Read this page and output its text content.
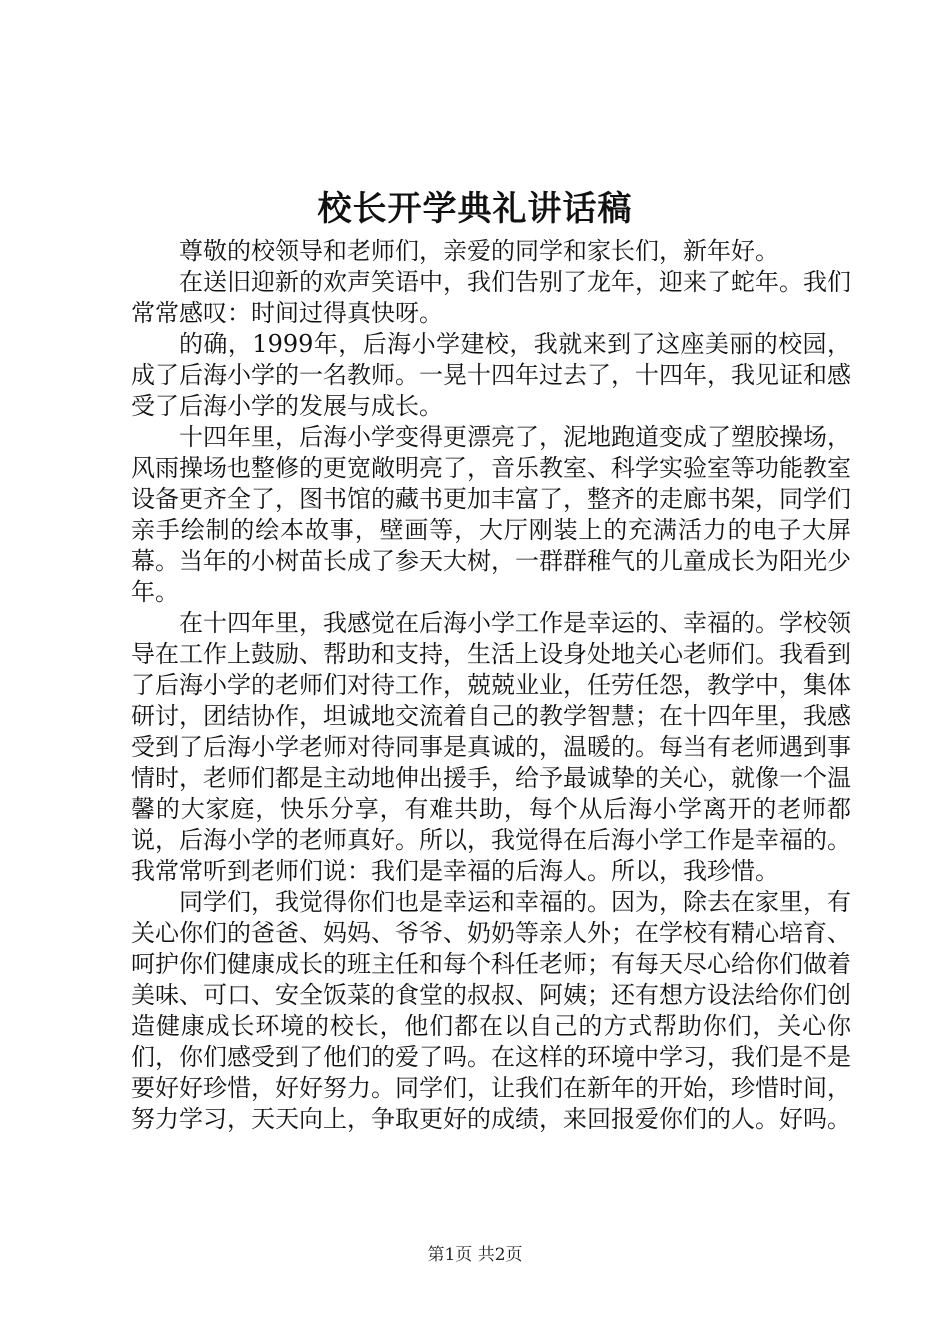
校长开学典礼讲话稿

尊敬的校领导和老师们，亲爱的同学和家长们，新年好。

在送旧迎新的欢声笑语中，我们告别了龙年，迎来了蛇年。我们常常感叹：时间过得真快呀。

的确，1999年，后海小学建校，我就来到了这座美丽的校园，成了后海小学的一名教师。一晃十四年过去了，十四年，我见证和感受了后海小学的发展与成长。

十四年里，后海小学变得更漂亮了，泥地跑道变成了塑胶操场，风雨操场也整修的更宽敞明亮了，音乐教室、科学实验室等功能教室设备更齐全了，图书馆的藏书更加丰富了，整齐的走廊书架，同学们亲手绘制的绘本故事，壁画等，大厅刚装上的充满活力的电子大屏幕。当年的小树苗长成了参天大树，一群群稚气的儿童成长为阳光少年。

在十四年里，我感觉在后海小学工作是幸运的、幸福的。学校领导在工作上鼓励、帮助和支持，生活上设身处地关心老师们。我看到了后海小学的老师们对待工作，兢兢业业，任劳任怨，教学中，集体研讨，团结协作，坦诚地交流着自己的教学智慧；在十四年里，我感受到了后海小学老师对待同事是真诚的，温暖的。每当有老师遇到事情时，老师们都是主动地伸出援手，给予最诚挚的关心，就像一个温馨的大家庭，快乐分享，有难共助，每个从后海小学离开的老师都说，后海小学的老师真好。所以，我觉得在后海小学工作是幸福的。我常常听到老师们说：我们是幸福的后海人。所以，我珍惜。

同学们，我觉得你们也是幸运和幸福的。因为，除去在家里，有关心你们的爸爸、妈妈、爷爷、奶奶等亲人外；在学校有精心培育、呵护你们健康成长的班主任和每个科任老师；有每天尽心给你们做着美味、可口、安全饭菜的食堂的叔叔、阿姨；还有想方设法给你们创造健康成长环境的校长，他们都在以自己的方式帮助你们，关心你们，你们感受到了他们的爱了吗。在这样的环境中学习，我们是不是要好好珍惜，好好努力。同学们，让我们在新年的开始，珍惜时间，努力学习，天天向上，争取更好的成绩，来回报爱你们的人。好吗。

第1页 共2页
